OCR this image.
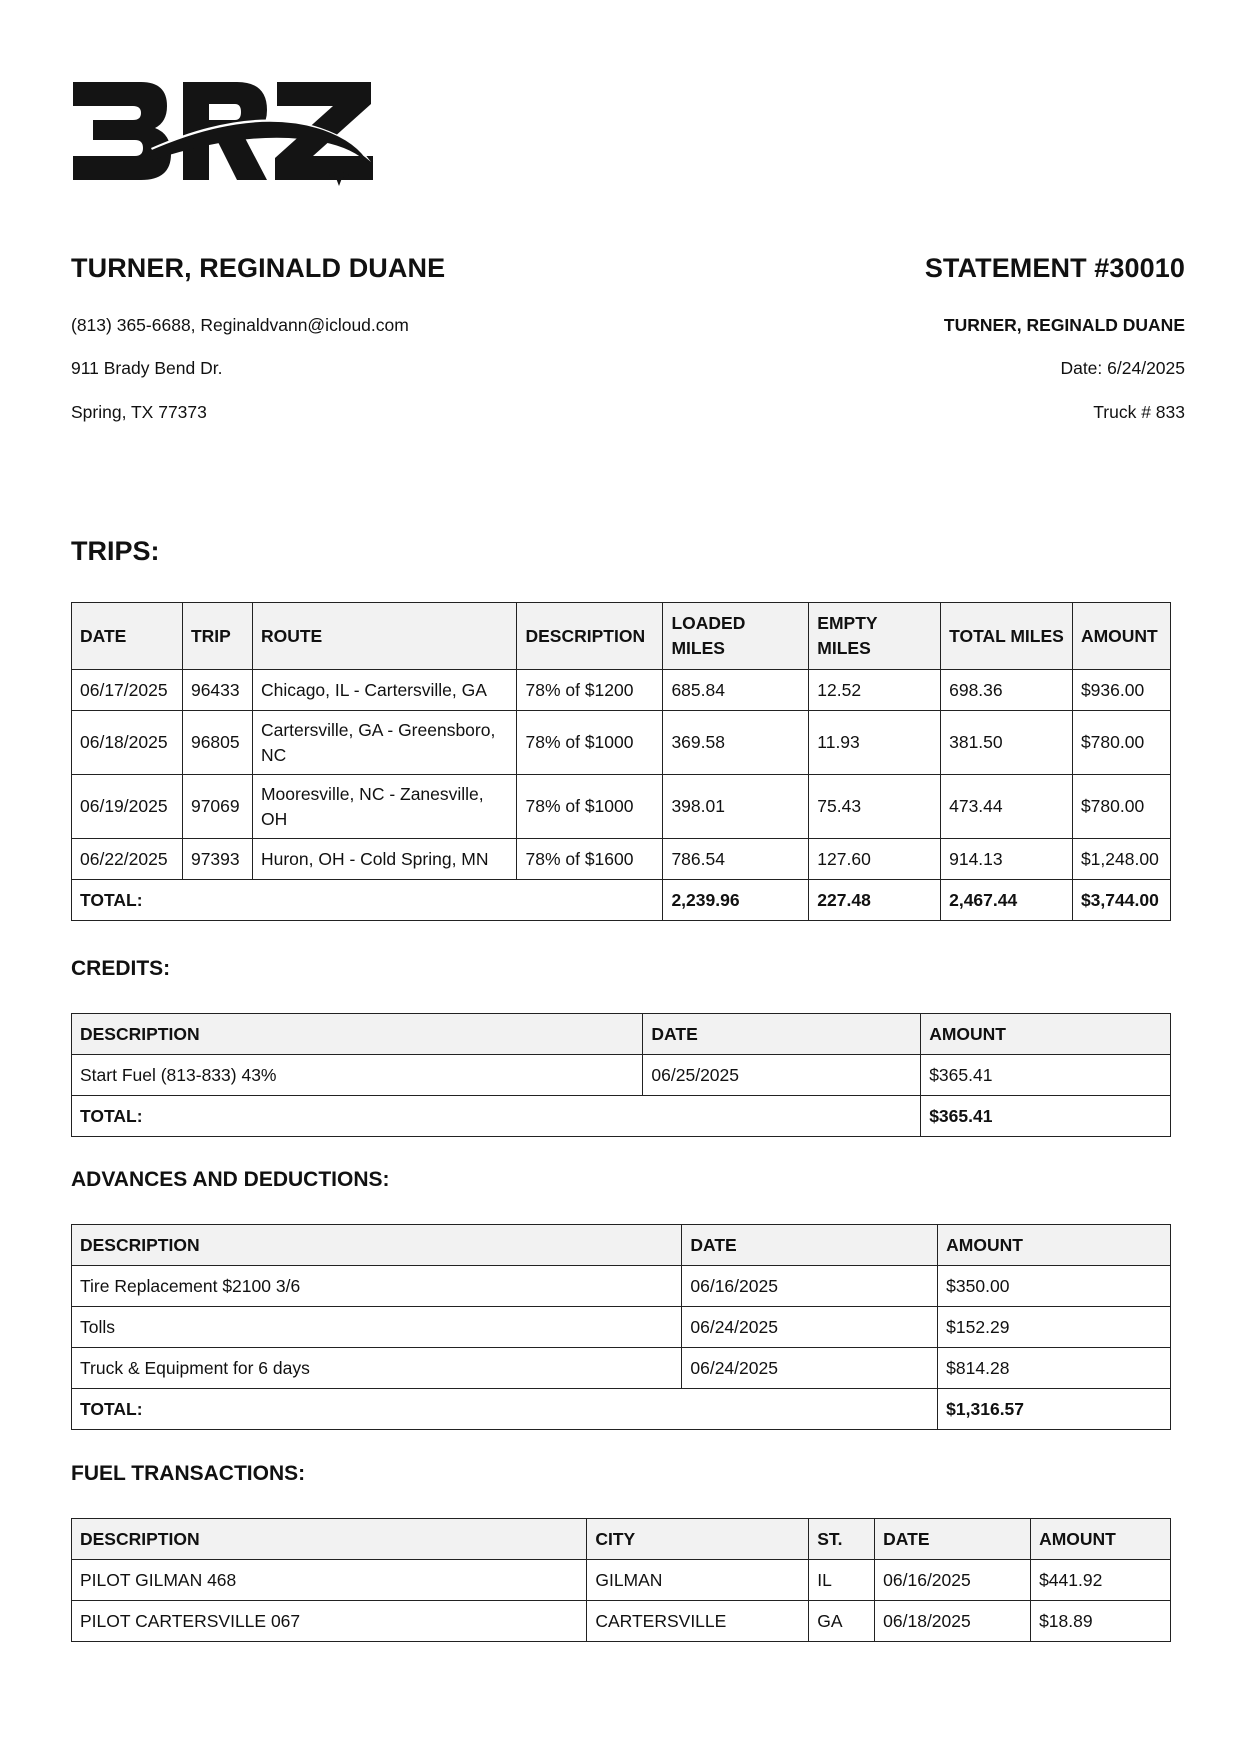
TURNER, REGINALD DUANE

(813) 365-6688, Reginaldvann@icloud.com

911 Brady Bend Dr.

Spring, TX 77373

STATEMENT #30010

TURNER, REGINALD DUANE

Date: 6/24/2025

Truck # 833

TRIPS:
DATE	TRIP	ROUTE	DESCRIPTION	LOADED MILES	EMPTY MILES	TOTAL MILES	AMOUNT
06/17/2025	96433	Chicago, IL - Cartersville, GA	78% of $1200	685.84	12.52	698.36	$936.00
06/18/2025	96805	Cartersville, GA - Greensboro, NC	78% of $1000	369.58	11.93	381.50	$780.00
06/19/2025	97069	Mooresville, NC - Zanesville, OH	78% of $1000	398.01	75.43	473.44	$780.00
06/22/2025	97393	Huron, OH - Cold Spring, MN	78% of $1600	786.54	127.60	914.13	$1,248.00
TOTAL:				2,239.96	227.48	2,467.44	$3,744.00
CREDITS:
DESCRIPTION	DATE	AMOUNT
Start Fuel (813-833) 43%	06/25/2025	$365.41
TOTAL:		$365.41
ADVANCES AND DEDUCTIONS:
DESCRIPTION	DATE	AMOUNT
Tire Replacement $2100 3/6	06/16/2025	$350.00
Tolls	06/24/2025	$152.29
Truck & Equipment for 6 days	06/24/2025	$814.28
TOTAL:		$1,316.57
FUEL TRANSACTIONS:
DESCRIPTION	CITY	ST.	DATE	AMOUNT
PILOT GILMAN 468	GILMAN	IL	06/16/2025	$441.92
PILOT CARTERSVILLE 067	CARTERSVILLE	GA	06/18/2025	$18.89
